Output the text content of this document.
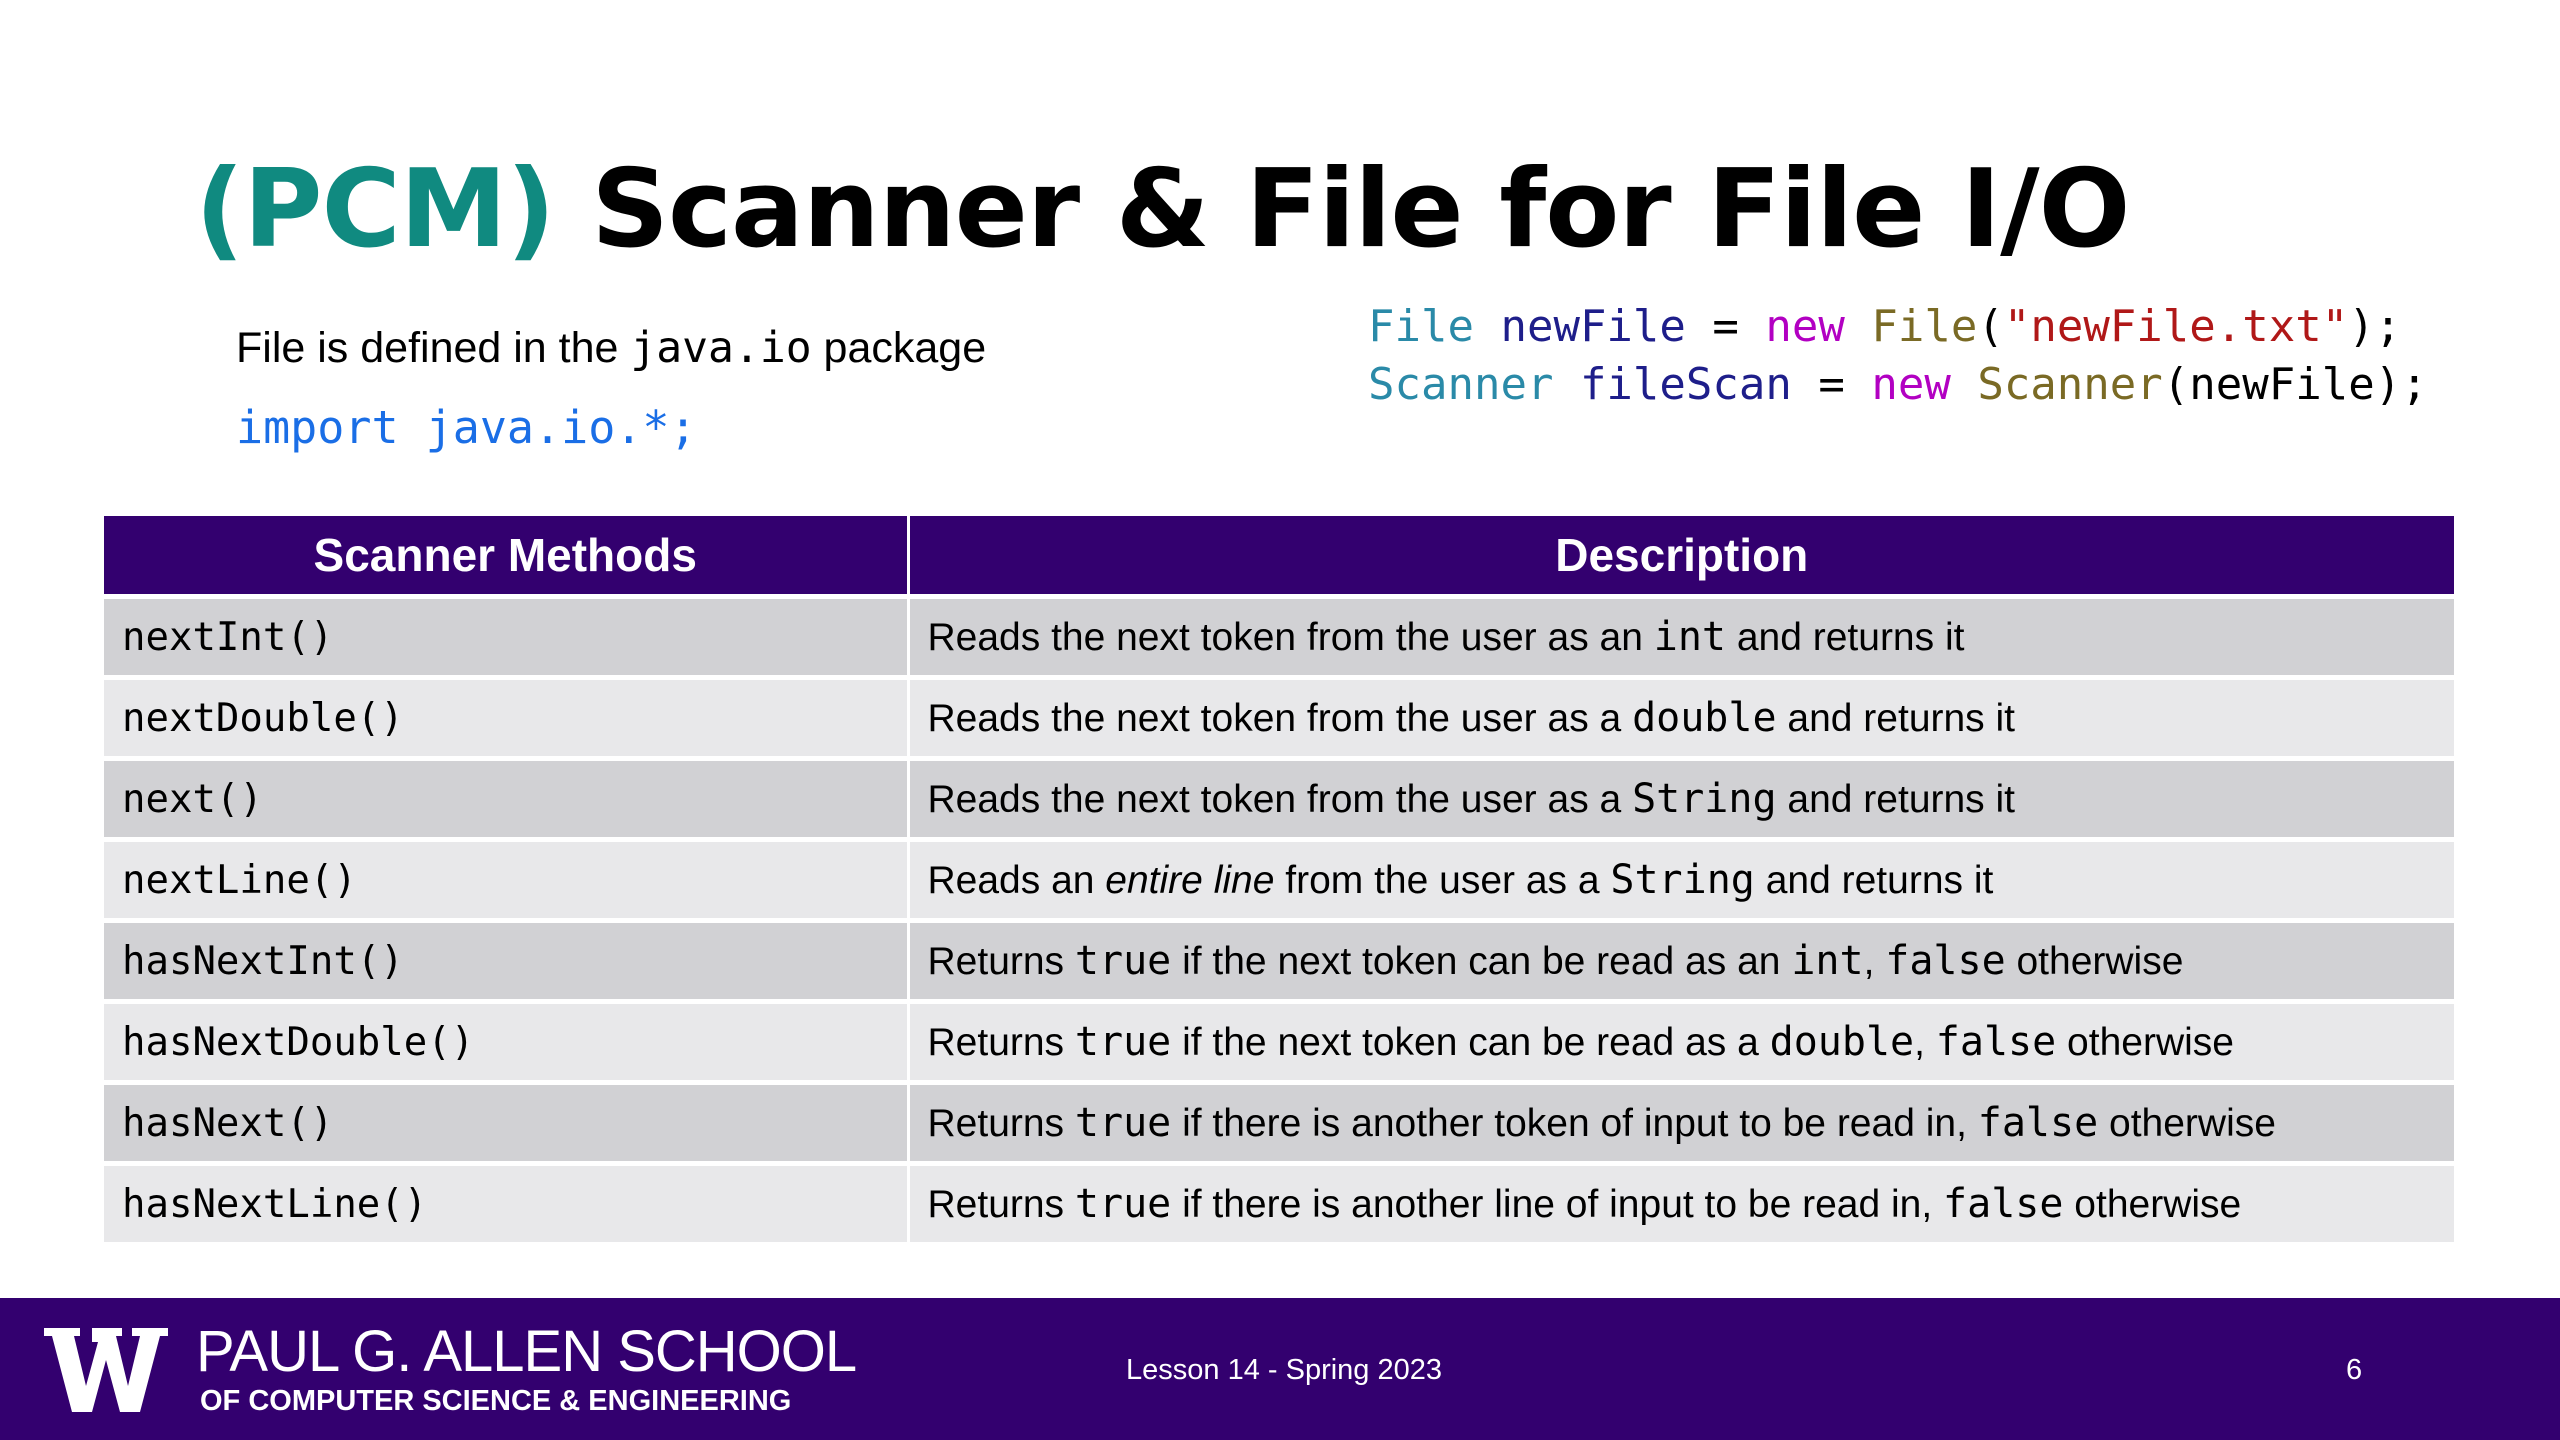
(PCM) Scanner & File for File I/O
File is defined in the java.io package
import java.io.*;
File newFile = new File("newFile.txt");
Scanner fileScan = new Scanner(newFile);
Scanner Methods	Description
nextInt()	Reads the next token from the user as an int and returns it
nextDouble()	Reads the next token from the user as a double and returns it
next()	Reads the next token from the user as a String and returns it
nextLine()	Reads an entire line from the user as a String and returns it
hasNextInt()	Returns true if the next token can be read as an int, false otherwise
hasNextDouble()	Returns true if the next token can be read as a double, false otherwise
hasNext()	Returns true if there is another token of input to be read in, false otherwise
hasNextLine()	Returns true if there is another line of input to be read in, false otherwise
PAUL G. ALLEN SCHOOL
OF COMPUTER SCIENCE & ENGINEERING
Lesson 14 - Spring 2023	6
